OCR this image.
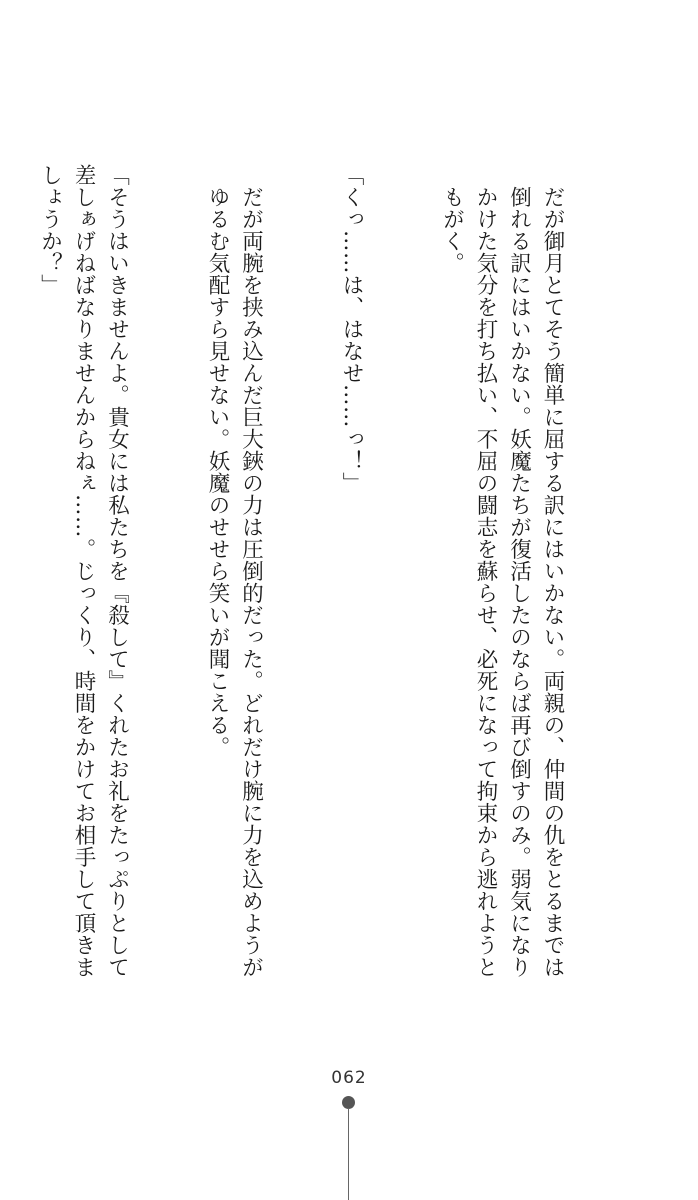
だが御月とてそう簡単に屈する訳にはいかない。両親の、仲間の仇をとるまでは倒れる訳にはいかない。妖魔たちが復活したのならば再び倒すのみ。弱気になりかけた気分を打ち払い、不屈の闘志を蘇らせ、必死になって拘束から逃れようともがく。

「くっ……は、はなせ……っ！」

だが両腕を挟み込んだ巨大鋏の力は圧倒的だった。どれだけ腕に力を込めようがゆるむ気配すら見せない。妖魔のせせら笑いが聞こえる。

「そうはいきませんよ。貴女には私たちを『殺して』くれたお礼をたっぷりとして差しぁげねばなりませんからねぇ……。じっくり、時間をかけてお相手して頂きましょうか？」

062
